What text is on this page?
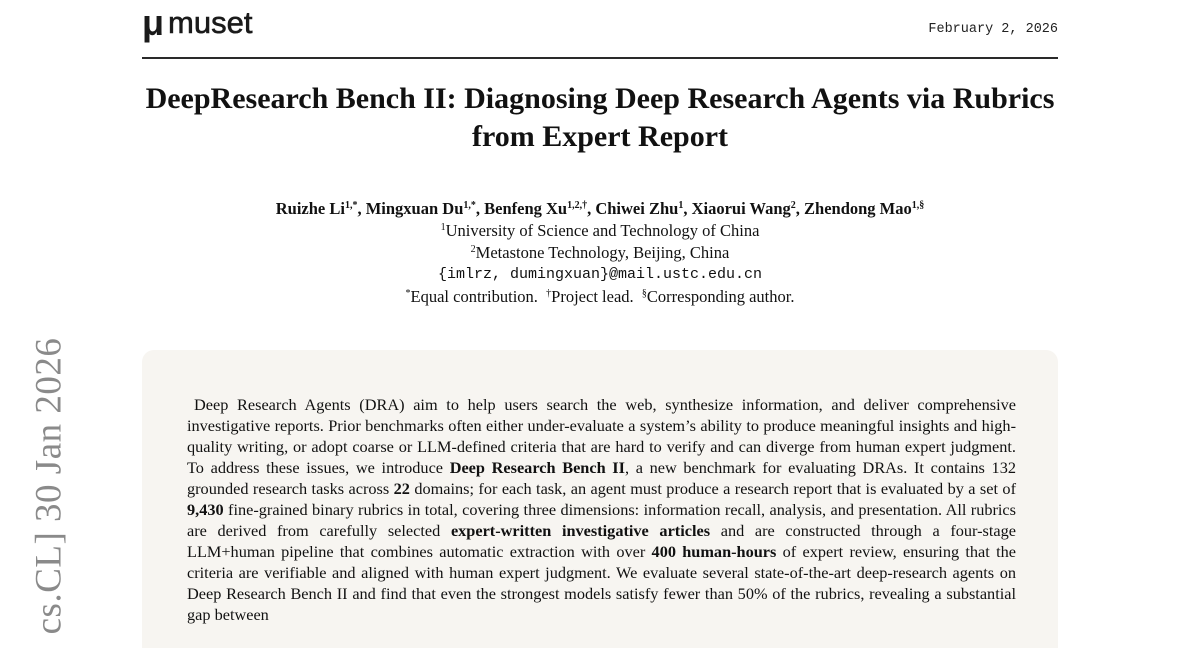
cs.CL] 30 Jan 2026
μ muset	February 2, 2026
DeepResearch Bench II: Diagnosing Deep Research Agents via Rubrics from Expert Report
Ruizhe $Li^{1,*}$, Mingxuan $Du^{1,*}$, Benfeng $Xu^{1,2,\dagger}$, Chiwei Zhu$^1$, Xiaorui Wang$^2$, Zhendong Mao$^{1,\S}$
$^1$University of Science and Technology of China
$^2$Metastone Technology, Beijing, China
{imlrz, dumingxuan}@mail.ustc.edu.cn
*Equal contribution. †Project lead. §Corresponding author.

Deep Research Agents (DRA) aim to help users search the web, synthesize information, and deliver comprehensive investigative reports. Prior benchmarks often either under-evaluate a system’s ability to produce meaningful insights and high-quality writing, or adopt coarse or LLM-defined criteria that are hard to verify and can diverge from human expert judgment. To address these issues, we introduce Deep Research Bench II, a new benchmark for evaluating DRAs. It contains 132 grounded research tasks across 22 domains; for each task, an agent must produce a research report that is evaluated by a set of 9,430 fine-grained binary rubrics in total, covering three dimensions: information recall, analysis, and presentation. All rubrics are derived from carefully selected expert-written investigative articles and are constructed through a four-stage LLM+human pipeline that combines automatic extraction with over 400 human-hours of expert review, ensuring that the criteria are verifiable and aligned with human expert judgment. We evaluate several state-of-the-art deep-research agents on Deep Research Bench II and find that even the strongest models satisfy fewer than 50% of the rubrics, revealing a substantial gap between
